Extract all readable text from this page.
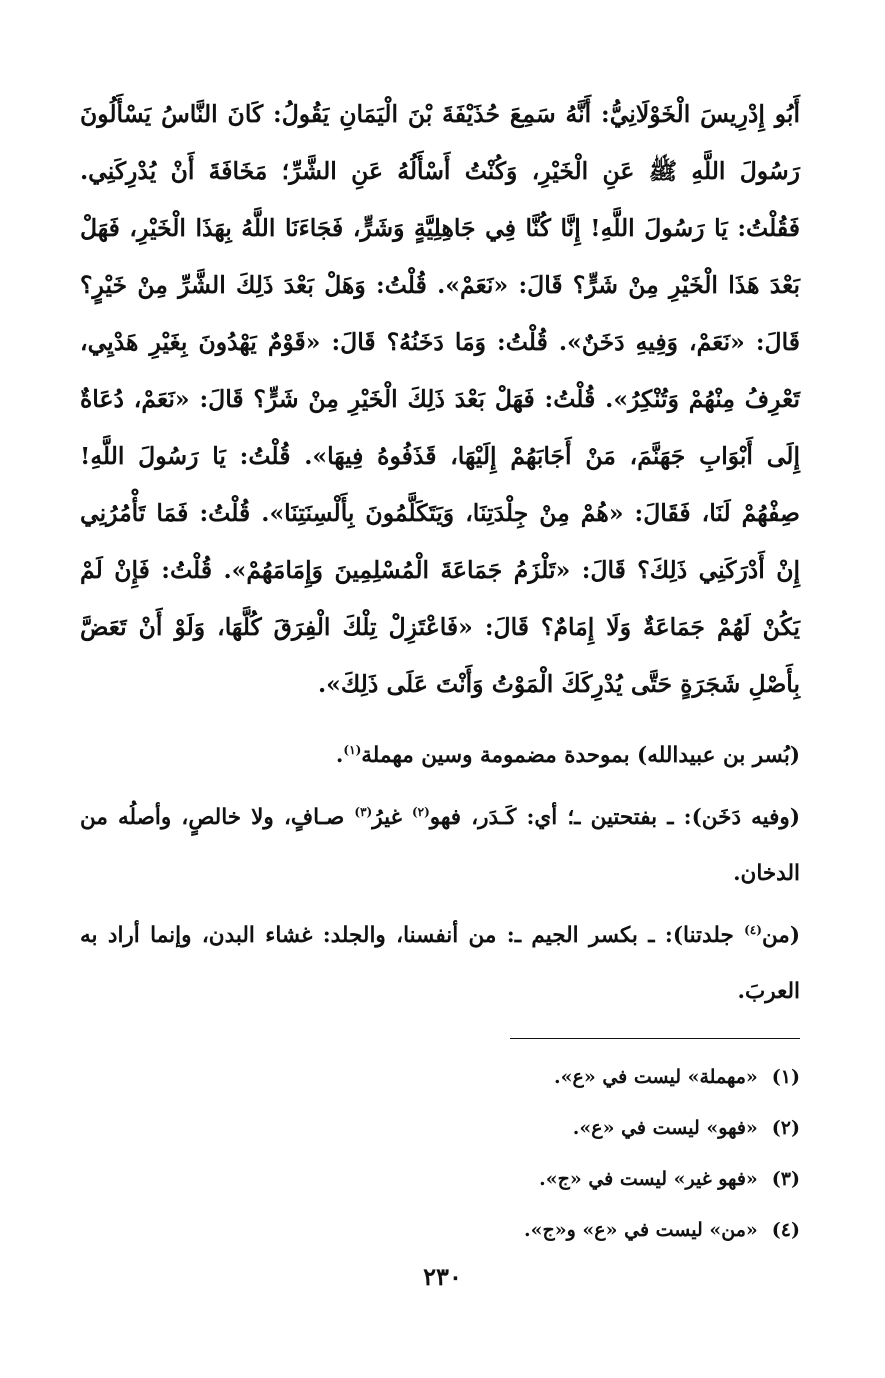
أَبُو إِدْرِيسَ الْخَوْلَانِيُّ: أَنَّهُ سَمِعَ حُذَيْفَةَ بْنَ الْيَمَانِ يَقُولُ: كَانَ النَّاسُ يَسْأَلُونَ رَسُولَ اللَّهِ ﷺ عَنِ الْخَيْرِ، وَكُنْتُ أَسْأَلُهُ عَنِ الشَّرِّ؛ مَخَافَةَ أَنْ يُدْرِكَنِي. فَقُلْتُ: يَا رَسُولَ اللَّهِ! إِنَّا كُنَّا فِي جَاهِلِيَّةٍ وَشَرٍّ، فَجَاءَنَا اللَّهُ بِهَذَا الْخَيْرِ، فَهَلْ بَعْدَ هَذَا الْخَيْرِ مِنْ شَرٍّ؟ قَالَ: «نَعَمْ». قُلْتُ: وَهَلْ بَعْدَ ذَلِكَ الشَّرِّ مِنْ خَيْرٍ؟ قَالَ: «نَعَمْ، وَفِيهِ دَخَنٌ». قُلْتُ: وَمَا دَخَنُهُ؟ قَالَ: «قَوْمٌ يَهْدُونَ بِغَيْرِ هَدْيِي، تَعْرِفُ مِنْهُمْ وَتُنْكِرُ». قُلْتُ: فَهَلْ بَعْدَ ذَلِكَ الْخَيْرِ مِنْ شَرٍّ؟ قَالَ: «نَعَمْ، دُعَاةٌ إِلَى أَبْوَابِ جَهَنَّمَ، مَنْ أَجَابَهُمْ إِلَيْهَا، قَذَفُوهُ فِيهَا». قُلْتُ: يَا رَسُولَ اللَّهِ! صِفْهُمْ لَنَا، فَقَالَ: «هُمْ مِنْ جِلْدَتِنَا، وَيَتَكَلَّمُونَ بِأَلْسِنَتِنَا». قُلْتُ: فَمَا تَأْمُرُنِي إِنْ أَدْرَكَنِي ذَلِكَ؟ قَالَ: «تَلْزَمُ جَمَاعَةَ الْمُسْلِمِينَ وَإِمَامَهُمْ». قُلْتُ: فَإِنْ لَمْ يَكُنْ لَهُمْ جَمَاعَةٌ وَلَا إِمَامٌ؟ قَالَ: «فَاعْتَزِلْ تِلْكَ الْفِرَقَ كُلَّهَا، وَلَوْ أَنْ تَعَضَّ بِأَصْلِ شَجَرَةٍ حَتَّى يُدْرِكَكَ الْمَوْتُ وَأَنْتَ عَلَى ذَلِكَ».

(بُسر بن عبيدالله) بموحدة مضمومة وسين مهملة$^{(١)}$.

(وفيه دَخَن): ـ بفتحتين ـ؛ أي: كَـدَر، فهو$^{(٢)}$ غيرُ$^{(٣)}$ صـافٍ، ولا خالصٍ، وأصلُه من الدخان.

(من$^{(٤)}$ جلدتنا): ـ بكسر الجيم ـ: من أنفسنا، والجلد: غشاء البدن، وإنما أراد به العربَ.

(١)«مهملة» ليست في «ع».
(٢)«فهو» ليست في «ع».
(٣)«فهو غير» ليست في «ج».
(٤)«من» ليست في «ع» و«ج».

٢٣٠
